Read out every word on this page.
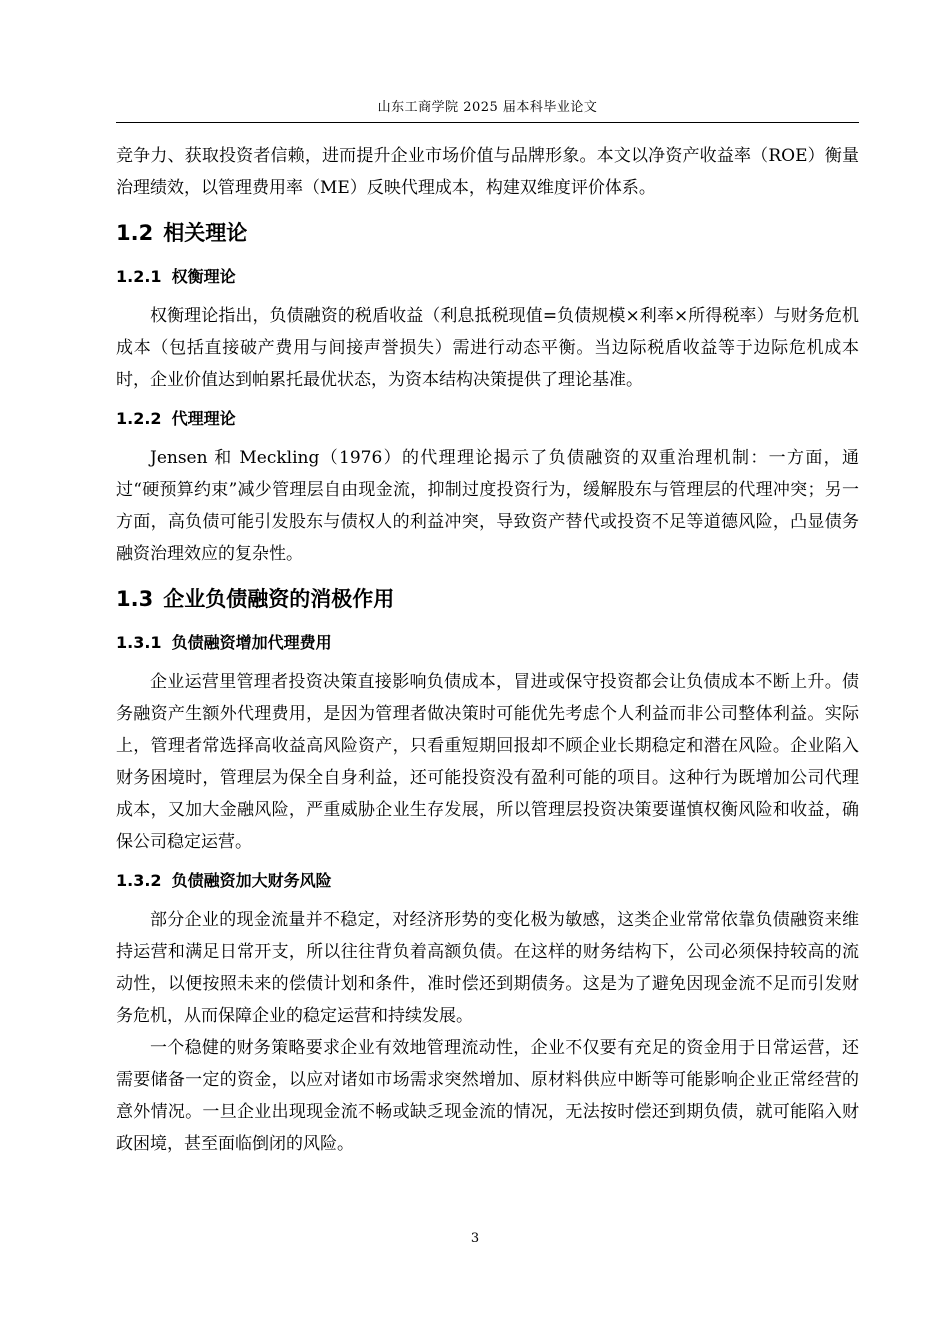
山东工商学院 2025 届本科毕业论文

竞争力、获取投资者信赖，进而提升企业市场价值与品牌形象。本文以净资产收益率（ROE）衡量治理绩效，以管理费用率（ME）反映代理成本，构建双维度评价体系。

1.2 相关理论
1.2.1 权衡理论

权衡理论指出，负债融资的税盾收益（利息抵税现值=负债规模×利率×所得税率）与财务危机成本（包括直接破产费用与间接声誉损失）需进行动态平衡。当边际税盾收益等于边际危机成本时，企业价值达到帕累托最优状态，为资本结构决策提供了理论基准。

1.2.2 代理理论

Jensen 和 Meckling（1976）的代理理论揭示了负债融资的双重治理机制：一方面，通过“硬预算约束”减少管理层自由现金流，抑制过度投资行为，缓解股东与管理层的代理冲突；另一方面，高负债可能引发股东与债权人的利益冲突，导致资产替代或投资不足等道德风险，凸显债务融资治理效应的复杂性。

1.3 企业负债融资的消极作用
1.3.1 负债融资增加代理费用

企业运营里管理者投资决策直接影响负债成本，冒进或保守投资都会让负债成本不断上升。债务融资产生额外代理费用，是因为管理者做决策时可能优先考虑个人利益而非公司整体利益。实际上，管理者常选择高收益高风险资产，只看重短期回报却不顾企业长期稳定和潜在风险。企业陷入财务困境时，管理层为保全自身利益，还可能投资没有盈利可能的项目。这种行为既增加公司代理成本，又加大金融风险，严重威胁企业生存发展，所以管理层投资决策要谨慎权衡风险和收益，确保公司稳定运营。

1.3.2 负债融资加大财务风险

部分企业的现金流量并不稳定，对经济形势的变化极为敏感，这类企业常常依靠负债融资来维持运营和满足日常开支，所以往往背负着高额负债。在这样的财务结构下，公司必须保持较高的流动性，以便按照未来的偿债计划和条件，准时偿还到期债务。这是为了避免因现金流不足而引发财务危机，从而保障企业的稳定运营和持续发展。

一个稳健的财务策略要求企业有效地管理流动性，企业不仅要有充足的资金用于日常运营，还需要储备一定的资金，以应对诸如市场需求突然增加、原材料供应中断等可能影响企业正常经营的意外情况。一旦企业出现现金流不畅或缺乏现金流的情况，无法按时偿还到期负债，就可能陷入财政困境，甚至面临倒闭的风险。

3
